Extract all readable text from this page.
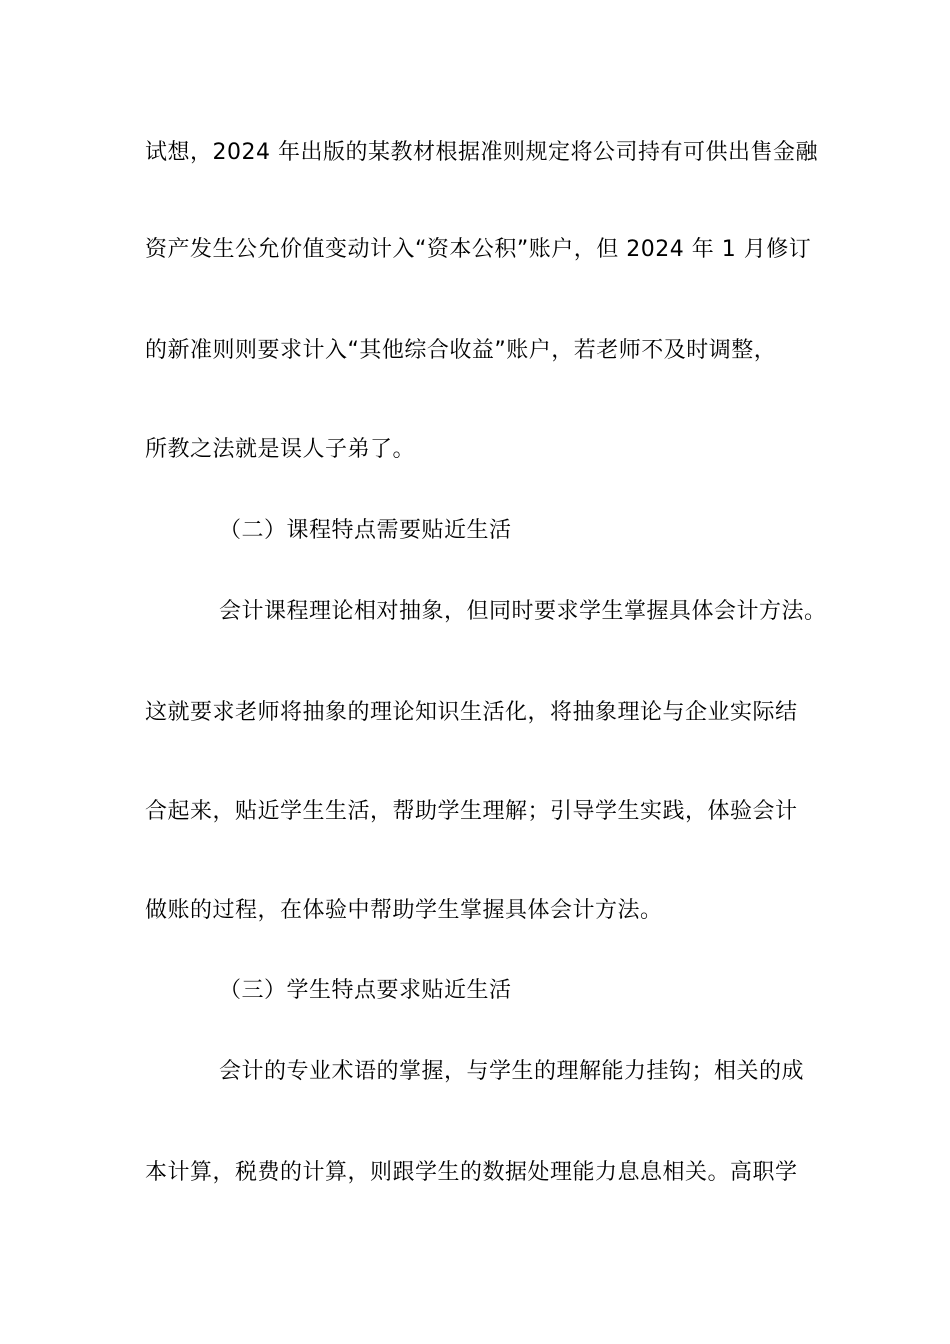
试想，2024 年出版的某教材根据准则规定将公司持有可供出售金融
资产发生公允价值变动计入“资本公积”账户，但 2024 年 1 月修订
的新准则则要求计入“其他综合收益”账户，若老师不及时调整，
所教之法就是误人子弟了。
（二）课程特点需要贴近生活
会计课程理论相对抽象，但同时要求学生掌握具体会计方法。
这就要求老师将抽象的理论知识生活化，将抽象理论与企业实际结
合起来，贴近学生生活，帮助学生理解；引导学生实践，体验会计
做账的过程，在体验中帮助学生掌握具体会计方法。
（三）学生特点要求贴近生活
会计的专业术语的掌握，与学生的理解能力挂钩；相关的成
本计算，税费的计算，则跟学生的数据处理能力息息相关。高职学
